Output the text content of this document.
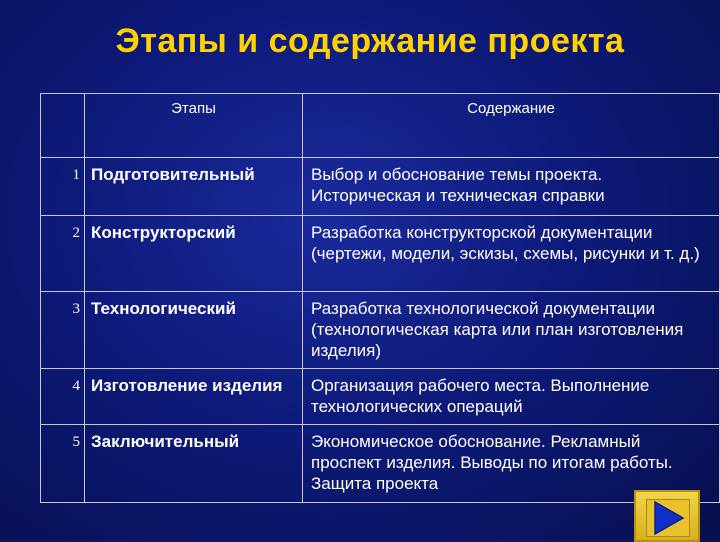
Этапы и содержание проекта
	Этапы	Содержание
1	Подготовительный	Выбор и обоснование темы проекта. Историческая и техническая справки
2	Конструкторский	Разработка конструкторской документации (чертежи, модели, эскизы, схемы, рисунки и т. д.)
3	Технологический	Разработка технологической документации (технологическая карта или план изготовления изделия)
4	Изготовление изделия	Организация рабочего места. Выполнение технологических операций
5	Заключительный	Экономическое обоснование. Рекламный проспект изделия. Выводы по итогам работы. Защита проекта
